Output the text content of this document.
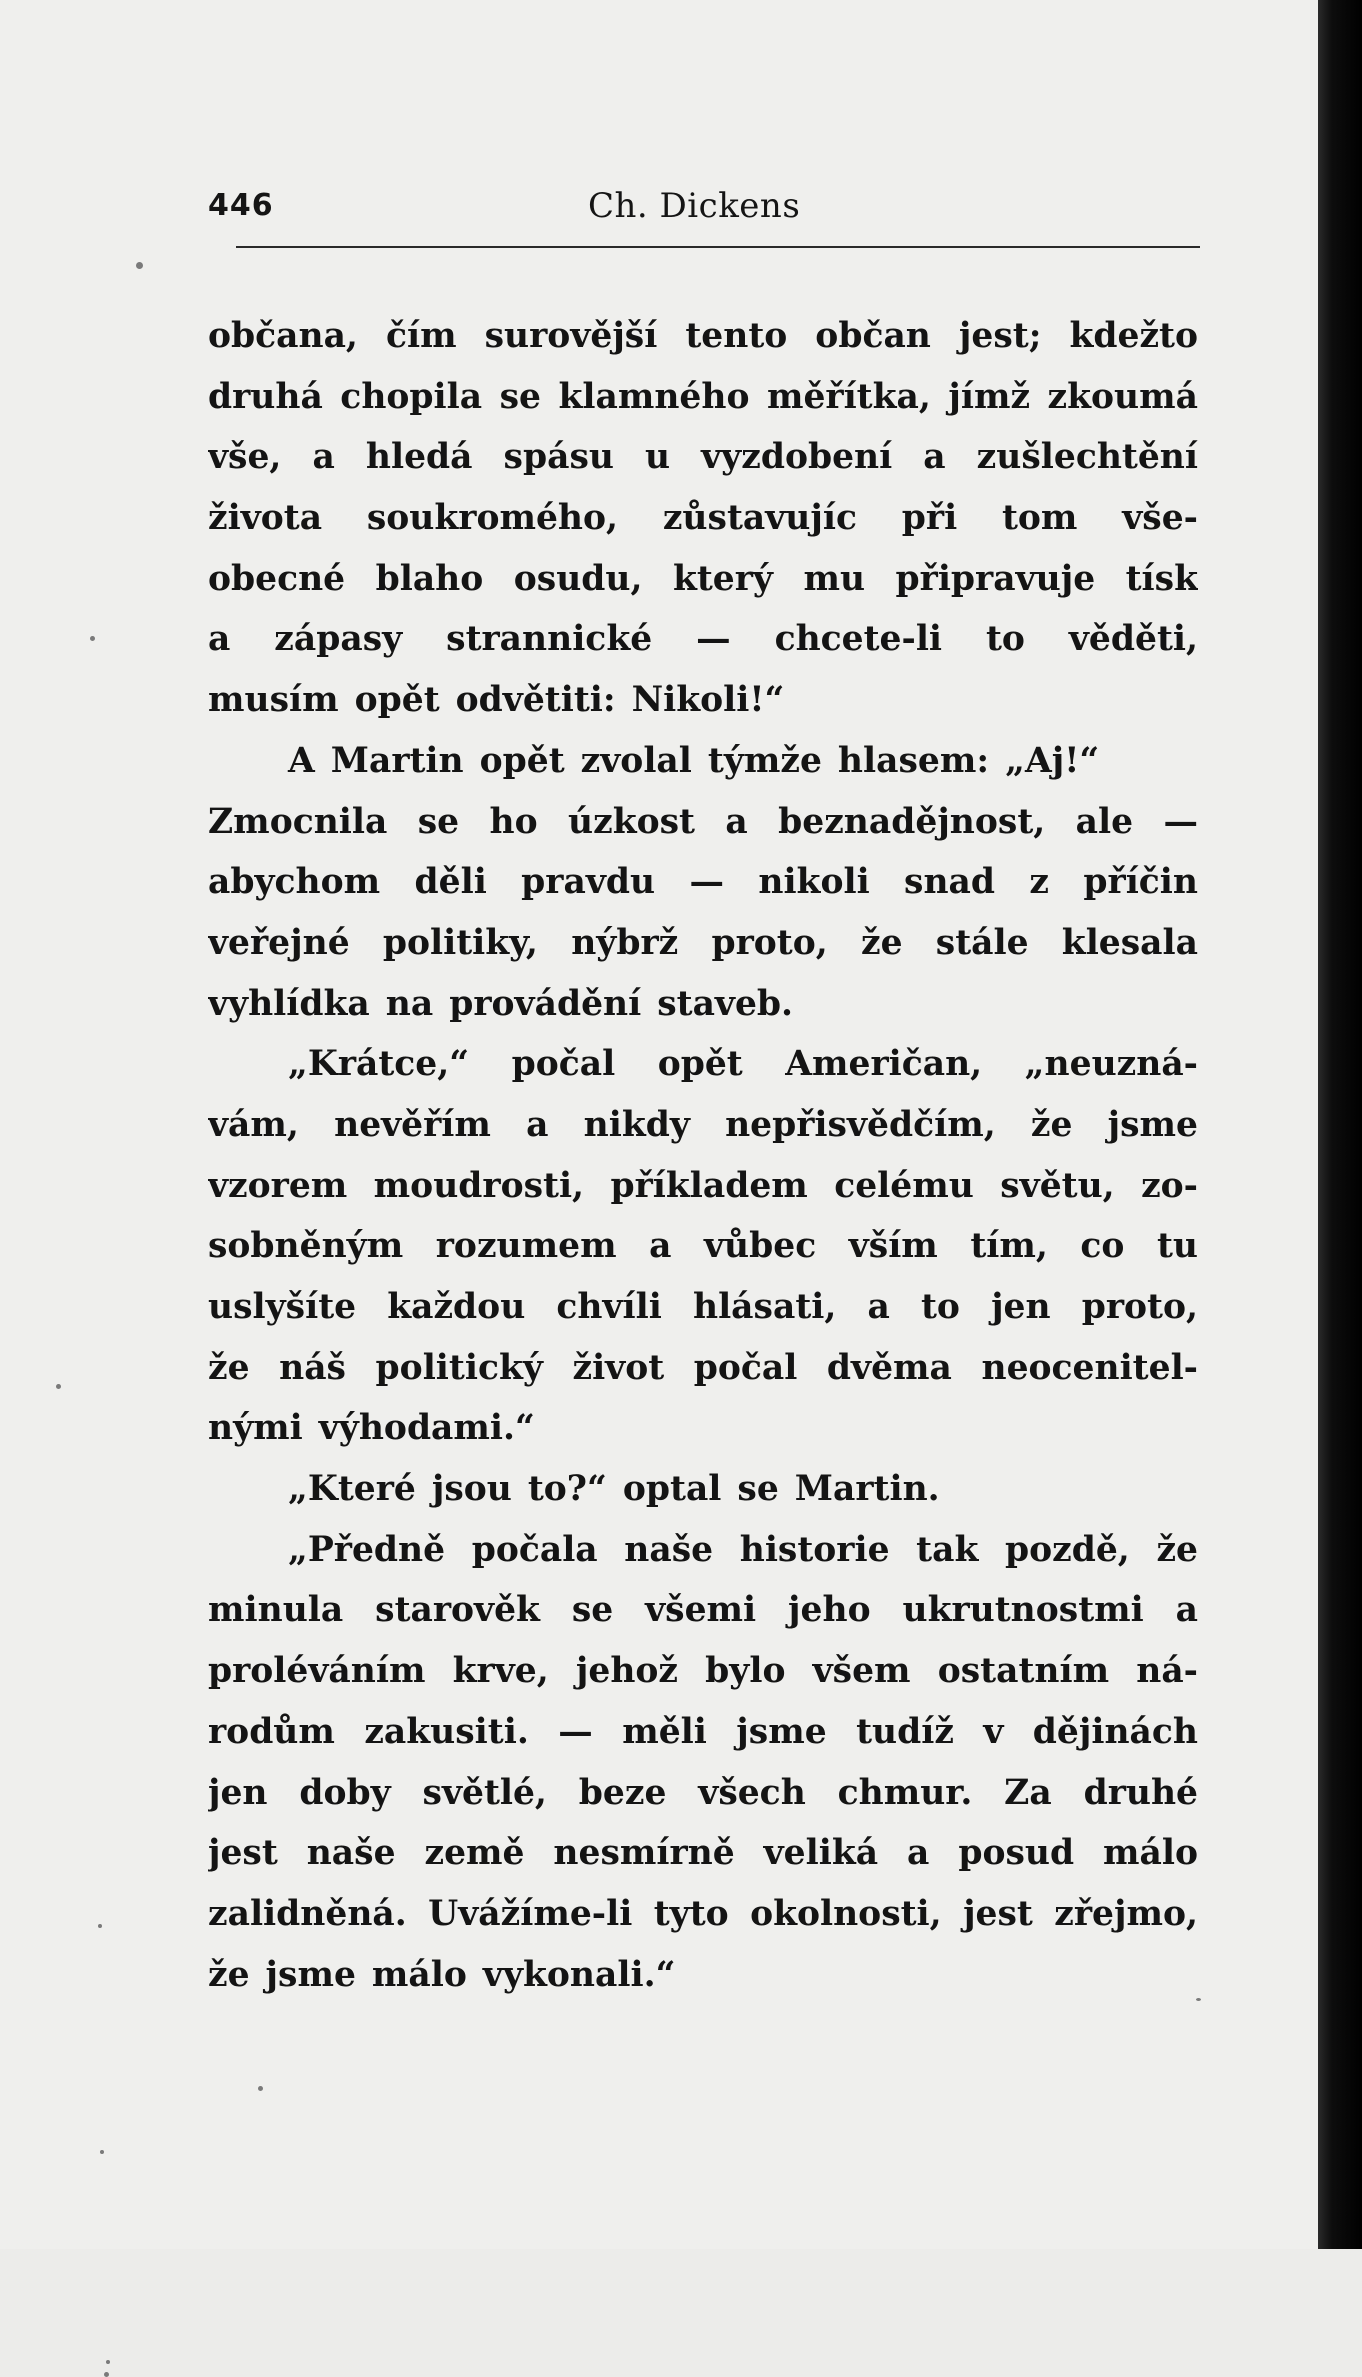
446	Ch. Dickens
občana, čím surovější tento občan jest; kdežto
druhá chopila se klamného měřítka, jímž zkoumá
vše, a hledá spásu u vyzdobení a zušlechtění
života soukromého, zůstavujíc při tom vše-
obecné blaho osudu, který mu připravuje tísk
a zápasy strannické — chcete-li to věděti,
musím opět odvětiti: Nikoli!“
A Martin opět zvolal týmže hlasem: „Aj!“
Zmocnila se ho úzkost a beznadějnost, ale —
abychom děli pravdu — nikoli snad z příčin
veřejné politiky, nýbrž proto, že stále klesala
vyhlídka na provádění staveb.
„Krátce,“ počal opět Američan, „neuzná-
vám, nevěřím a nikdy nepřisvědčím, že jsme
vzorem moudrosti, příkladem celému světu, zo-
sobněným rozumem a vůbec vším tím, co tu
uslyšíte každou chvíli hlásati, a to jen proto,
že náš politický život počal dvěma neocenitel-
nými výhodami.“
„Které jsou to?“ optal se Martin.
„Předně počala naše historie tak pozdě, že
minula starověk se všemi jeho ukrutnostmi a
proléváním krve, jehož bylo všem ostatním ná-
rodům zakusiti. — měli jsme tudíž v dějinách
jen doby světlé, beze všech chmur. Za druhé
jest naše země nesmírně veliká a posud málo
zalidněná. Uvážíme-li tyto okolnosti, jest zřejmo,
že jsme málo vykonali.“
